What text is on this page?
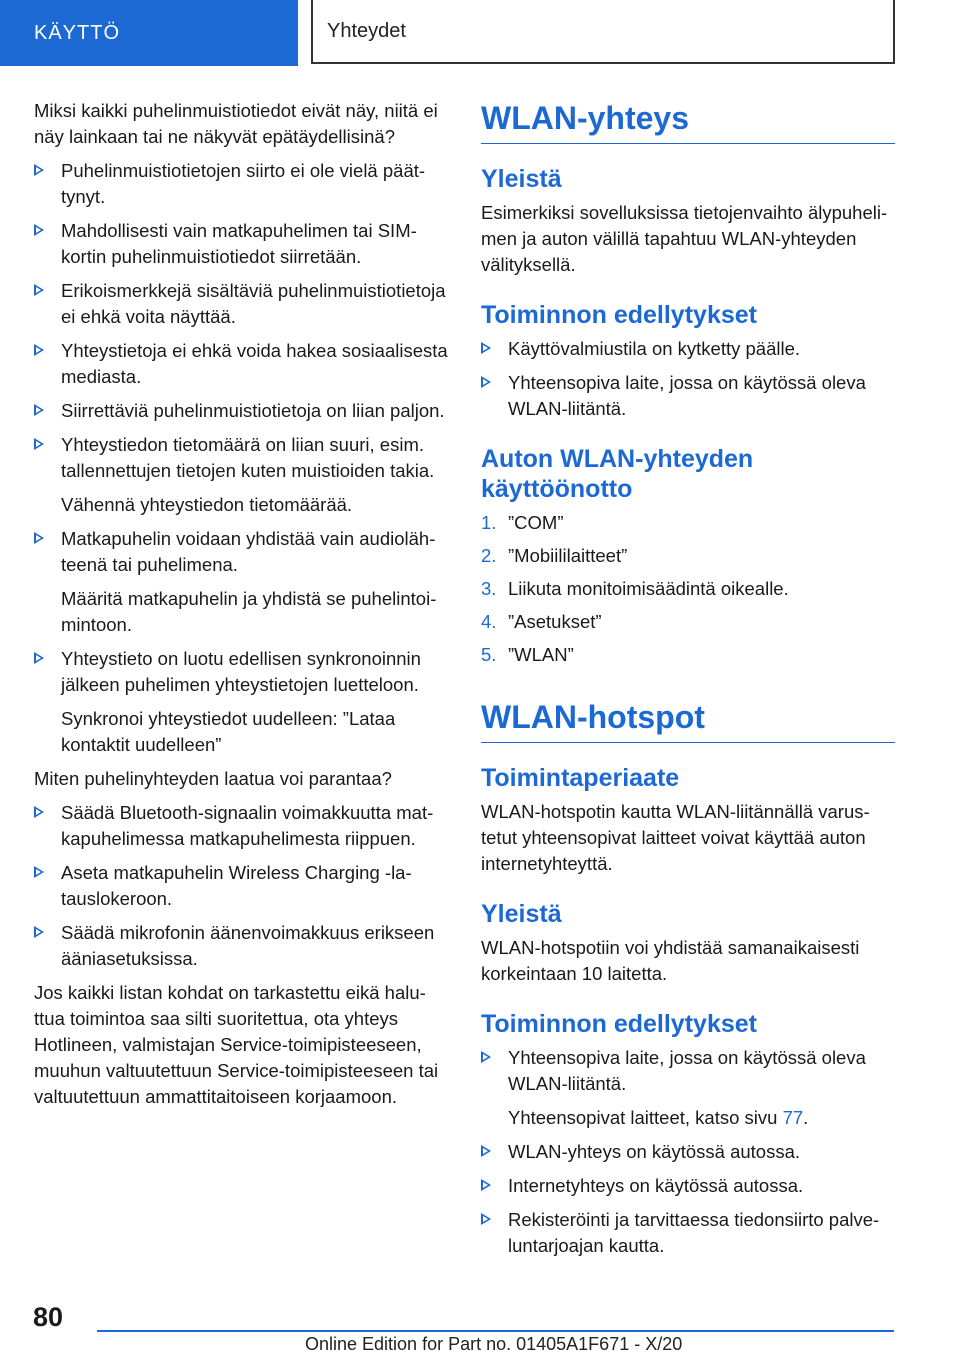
KÄYTTÖ	Yhteydet

Miksi kaikki puhelinmuistiotiedot eivät näy, niitä ei näy lainkaan tai ne näkyvät epätäydellisinä?

Puhelinmuistiotietojen siirto ei ole vielä päättynyt.
Mahdollisesti vain matkapuhelimen tai SIM-kortin puhelinmuistiotiedot siirretään.
Erikoismerkkejä sisältäviä puhelinmuistiotietoja ei ehkä voita näyttää.
Yhteystietoja ei ehkä voida hakea sosiaalisesta mediasta.
Siirrettäviä puhelinmuistiotietoja on liian paljon.
Yhteystiedon tietomäärä on liian suuri, esim. tallennettujen tietojen kuten muistioiden takia.
Vähennä yhteystiedon tietomäärää.
Matkapuhelin voidaan yhdistää vain audiolähteenä tai puhelimena.
Määritä matkapuhelin ja yhdistä se puhelintoimintoon.
Yhteystieto on luotu edellisen synkronoinnin jälkeen puhelimen yhteystietojen luetteloon.
Synkronoi yhteystiedot uudelleen: ”Lataa kontaktit uudelleen”

Miten puhelinyhteyden laatua voi parantaa?

Säädä Bluetooth-signaalin voimakkuutta matkapuhelimessa matkapuhelimesta riippuen.
Aseta matkapuhelin Wireless Charging -latauslokeroon.
Säädä mikrofonin äänenvoimakkuus erikseen ääniasetuksissa.

Jos kaikki listan kohdat on tarkastettu eikä haluttua toimintoa saa silti suoritettua, ota yhteys Hotlineen, valmistajan Service-toimipisteeseen, muuhun valtuutettuun Service-toimipisteeseen tai valtuutettuun ammattitaitoiseen korjaamoon.

WLAN-yhteys
Yleistä

Esimerkiksi sovelluksissa tietojenvaihto älypuhelimen ja auton välillä tapahtuu WLAN-yhteyden välityksellä.

Toiminnon edellytykset
Käyttövalmiustila on kytketty päälle.
Yhteensopiva laite, jossa on käytössä oleva WLAN-liitäntä.
Auton WLAN-yhteyden käyttöönotto
1. ”COM”
2. ”Mobiililaitteet”
3. Liikuta monitoimisäädintä oikealle.
4. ”Asetukset”
5. ”WLAN”
WLAN-hotspot
Toimintaperiaate

WLAN-hotspotin kautta WLAN-liitännällä varustetut yhteensopivat laitteet voivat käyttää auton internetyhteyttä.

Yleistä

WLAN-hotspotiin voi yhdistää samanaikaisesti korkeintaan 10 laitetta.

Toiminnon edellytykset
Yhteensopiva laite, jossa on käytössä oleva WLAN-liitäntä.
Yhteensopivat laitteet, katso sivu 77.
WLAN-yhteys on käytössä autossa.
Internetyhteys on käytössä autossa.
Rekisteröinti ja tarvittaessa tiedonsiirto palveluntarjoajan kautta.
80
Online Edition for Part no. 01405A1F671 - X/20
